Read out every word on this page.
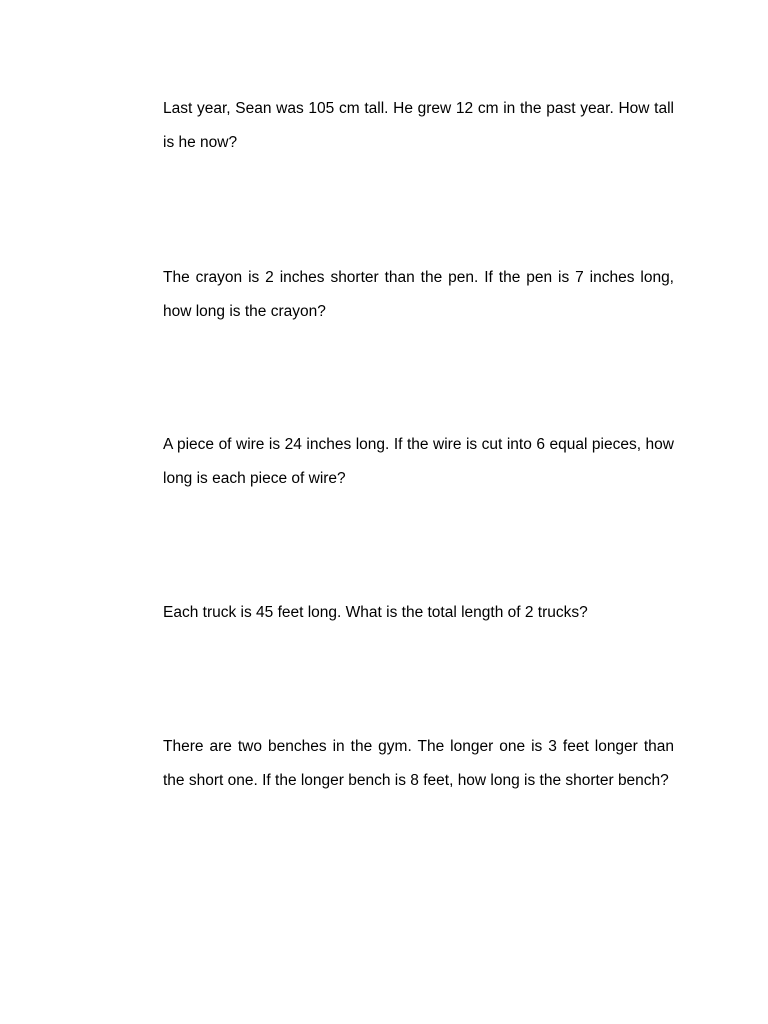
Last year, Sean was 105 cm tall. He grew 12 cm in the past year. How tall is he now?

The crayon is 2 inches shorter than the pen. If the pen is 7 inches long, how long is the crayon?

A piece of wire is 24 inches long. If the wire is cut into 6 equal pieces, how long is each piece of wire?

Each truck is 45 feet long. What is the total length of 2 trucks?

There are two benches in the gym. The longer one is 3 feet longer than the short one. If the longer bench is 8 feet, how long is the shorter bench?
